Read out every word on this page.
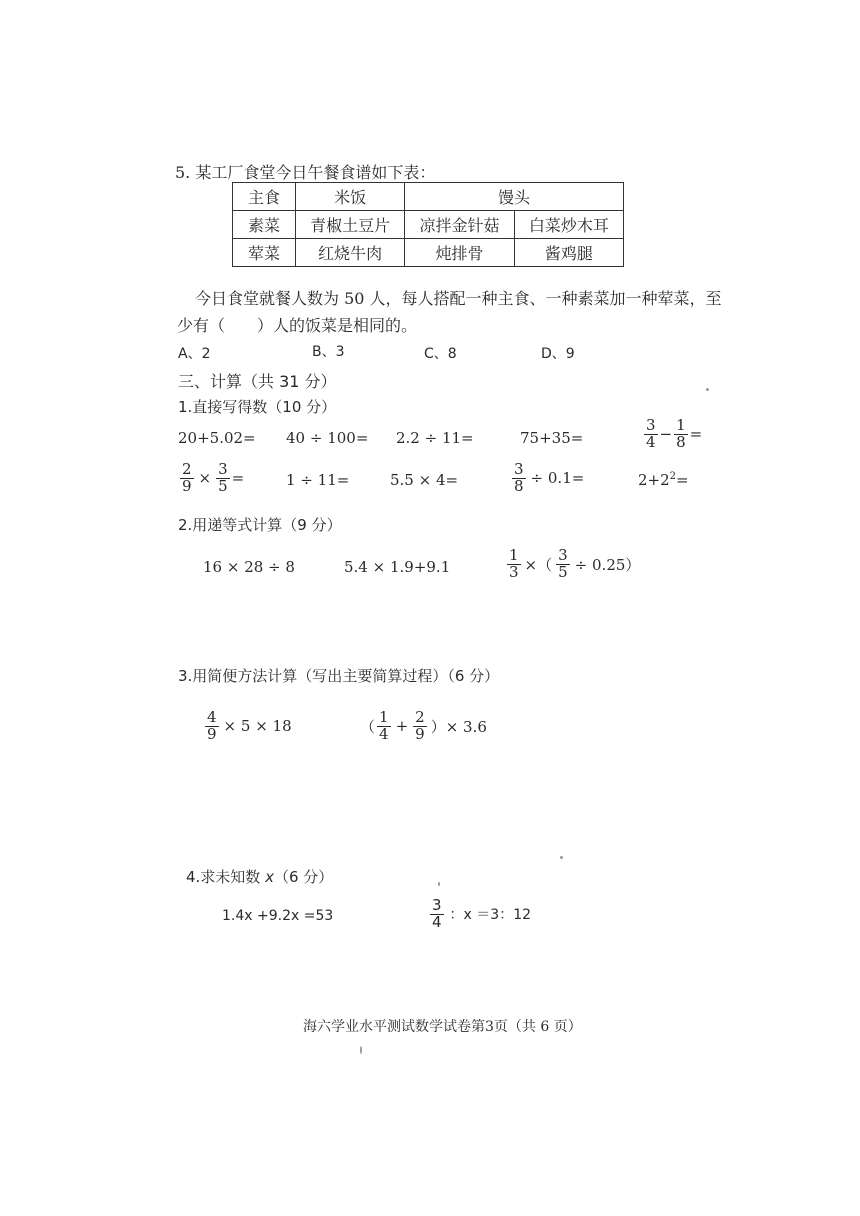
5. 某工厂食堂今日午餐食谱如下表：
主食	米饭	馒头	
素菜	青椒土豆片	凉拌金针菇	白菜炒木耳
荤菜	红烧牛肉	炖排骨	酱鸡腿
今日食堂就餐人数为 50 人，每人搭配一种主食、一种素菜加一种荤菜，至
少有（　　）人的饭菜是相同的。
A、2	B、3	C、8	D、9
三、计算（共 31 分）
1.直接写得数（10 分）
20+5.02= 40 ÷ 100= 2.2 ÷ 11=	75+35=	$\frac{3}{4} - \frac{1}{8}$ =
$\frac{2}{9} \times \frac{3}{5}$ =	1 ÷ 11=	5.5 × 4=	$\frac{3}{8} \div 0.1=$	$2+2^2=$
2.用递等式计算（9 分）
16 × 28 ÷ 8	5.4 × 1.9+9.1	$\frac{1}{3}$ ×（ $\frac{3}{5} \div 0.25$）
3.用简便方法计算（写出主要简算过程）（6 分）
$\frac{4}{9} \times 5 \times 18$	（ $\frac{1}{4} + \frac{2}{9}$ ）× 3.6
4.求未知数 x（6 分）
1.4x +9.2x =53	$\frac{3}{4}$ ：x ＝3：12
海六学业水平测试数学试卷第3页（共 6 页）
